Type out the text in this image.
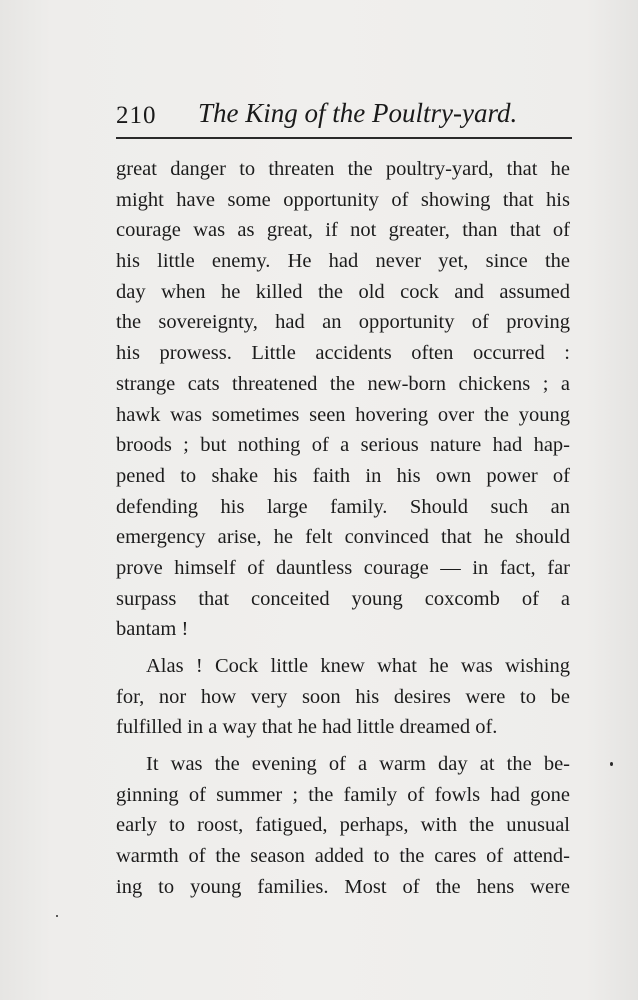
210 The King of the Poultry-yard.
great danger to threaten the poultry-yard, that he
might have some opportunity of showing that his
courage was as great, if not greater, than that of
his little enemy. He had never yet, since the
day when he killed the old cock and assumed
the sovereignty, had an opportunity of proving
his prowess. Little accidents often occurred :
strange cats threatened the new-born chickens ; a
hawk was sometimes seen hovering over the young
broods ; but nothing of a serious nature had hap-
pened to shake his faith in his own power of
defending his large family. Should such an
emergency arise, he felt convinced that he should
prove himself of dauntless courage — in fact, far
surpass that conceited young coxcomb of a
bantam !
Alas ! Cock little knew what he was wishing
for, nor how very soon his desires were to be
fulfilled in a way that he had little dreamed of.
It was the evening of a warm day at the be-
ginning of summer ; the family of fowls had gone
early to roost, fatigued, perhaps, with the unusual
warmth of the season added to the cares of attend-
ing to young families. Most of the hens were
